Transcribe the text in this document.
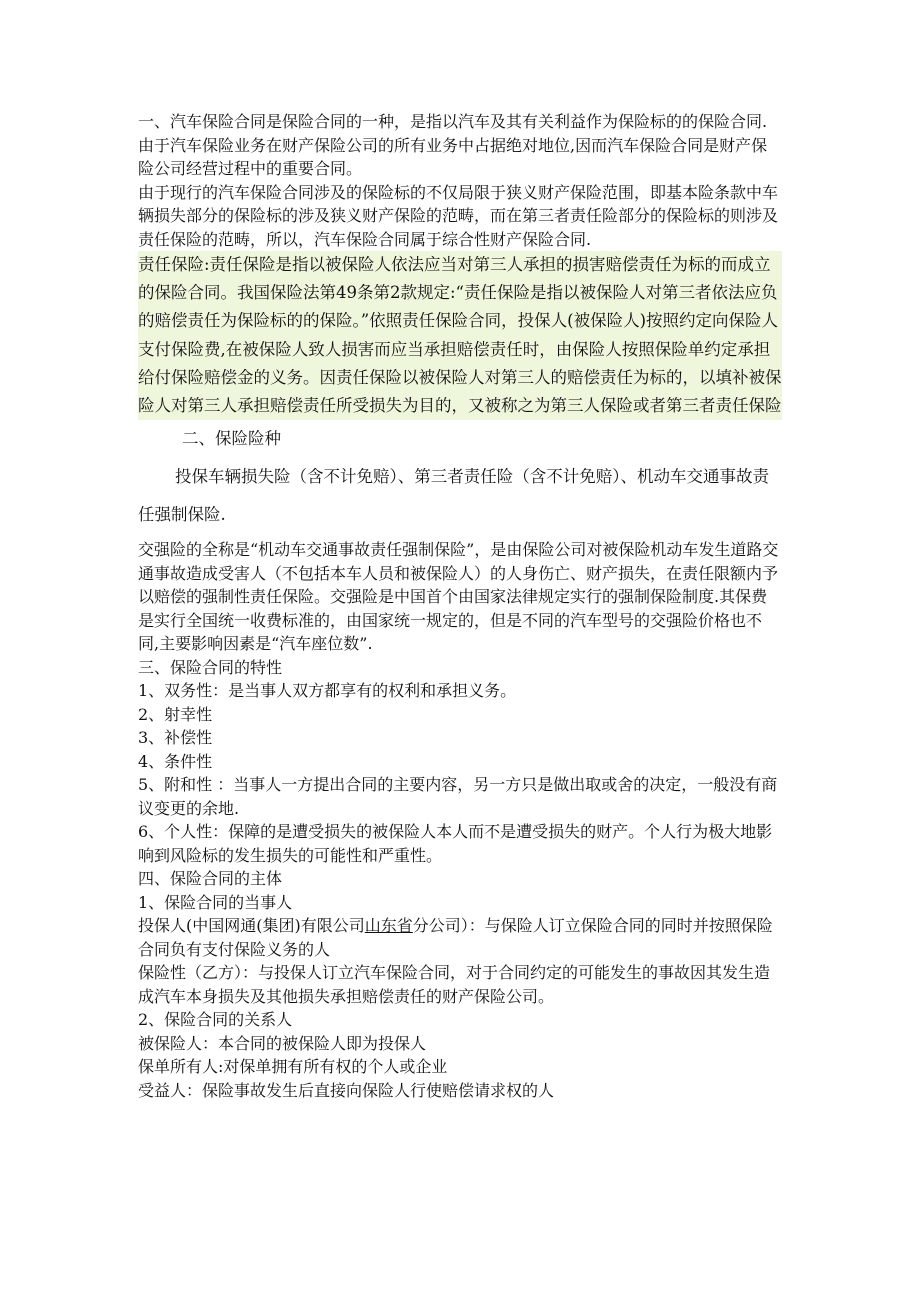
一、汽车保险合同是保险合同的一种，是指以汽车及其有关利益作为保险标的的保险合同.由于汽车保险业务在财产保险公司的所有业务中占据绝对地位,因而汽车保险合同是财产保险公司经营过程中的重要合同。

由于现行的汽车保险合同涉及的保险标的不仅局限于狭义财产保险范围，即基本险条款中车辆损失部分的保险标的涉及狭义财产保险的范畴，而在第三者责任险部分的保险标的则涉及责任保险的范畴，所以，汽车保险合同属于综合性财产保险合同.

责任保险:责任保险是指以被保险人依法应当对第三人承担的损害赔偿责任为标的而成立的保险合同。我国保险法第49条第2款规定:“责任保险是指以被保险人对第三者依法应负的赔偿责任为保险标的的保险。”依照责任保险合同，投保人(被保险人)按照约定向保险人支付保险费,在被保险人致人损害而应当承担赔偿责任时，由保险人按照保险单约定承担给付保险赔偿金的义务。因责任保险以被保险人对第三人的赔偿责任为标的，以填补被保险人对第三人承担赔偿责任所受损失为目的，又被称之为第三人保险或者第三者责任保险

二、保险险种

投保车辆损失险（含不计免赔）、第三者责任险（含不计免赔）、机动车交通事故责任强制保险.

交强险的全称是“机动车交通事故责任强制保险”，是由保险公司对被保险机动车发生道路交通事故造成受害人（不包括本车人员和被保险人）的人身伤亡、财产损失，在责任限额内予以赔偿的强制性责任保险。交强险是中国首个由国家法律规定实行的强制保险制度.其保费是实行全国统一收费标准的，由国家统一规定的，但是不同的汽车型号的交强险价格也不同,主要影响因素是“汽车座位数”.

三、保险合同的特性

1、双务性：是当事人双方都享有的权利和承担义务。

2、射幸性

3、补偿性

4、条件性

5、附和性 ：当事人一方提出合同的主要内容，另一方只是做出取或舍的决定，一般没有商议变更的余地.

6、个人性：保障的是遭受损失的被保险人本人而不是遭受损失的财产。个人行为极大地影响到风险标的发生损失的可能性和严重性。

四、保险合同的主体

1、保险合同的当事人

投保人(中国网通(集团)有限公司山东省分公司）：与保险人订立保险合同的同时并按照保险合同负有支付保险义务的人

保险性（乙方）：与投保人订立汽车保险合同，对于合同约定的可能发生的事故因其发生造成汽车本身损失及其他损失承担赔偿责任的财产保险公司。

2、保险合同的关系人

被保险人：本合同的被保险人即为投保人

保单所有人:对保单拥有所有权的个人或企业

受益人：保险事故发生后直接向保险人行使赔偿请求权的人
